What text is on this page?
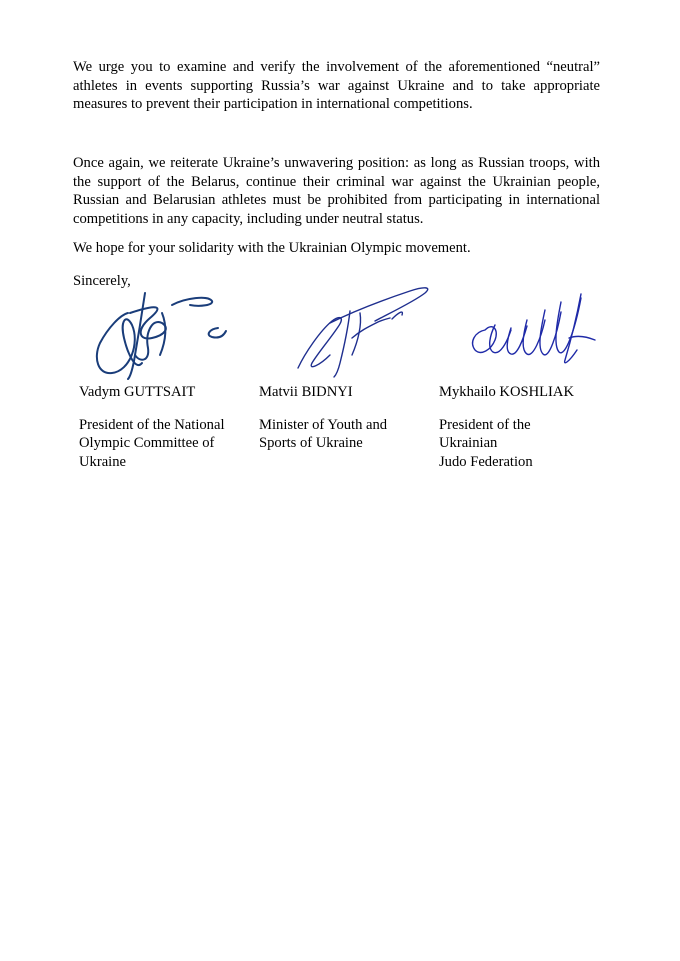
We urge you to examine and verify the involvement of the aforementioned “neutral” athletes in events supporting Russia’s war against Ukraine and to take appropriate measures to prevent their participation in international competitions.

Once again, we reiterate Ukraine’s unwavering position: as long as Russian troops, with the support of the Belarus, continue their criminal war against the Ukrainian people, Russian and Belarusian athletes must be prohibited from participating in international competitions in any capacity, including under neutral status.

We hope for your solidarity with the Ukrainian Olympic movement.

Sincerely,

Vadym GUTTSAIT
President of the National
Olympic Committee of
Ukraine
Matvii BIDNYI
Minister of Youth and
Sports of Ukraine
Mykhailo KOSHLIAK
President of the
Ukrainian
Judo Federation
